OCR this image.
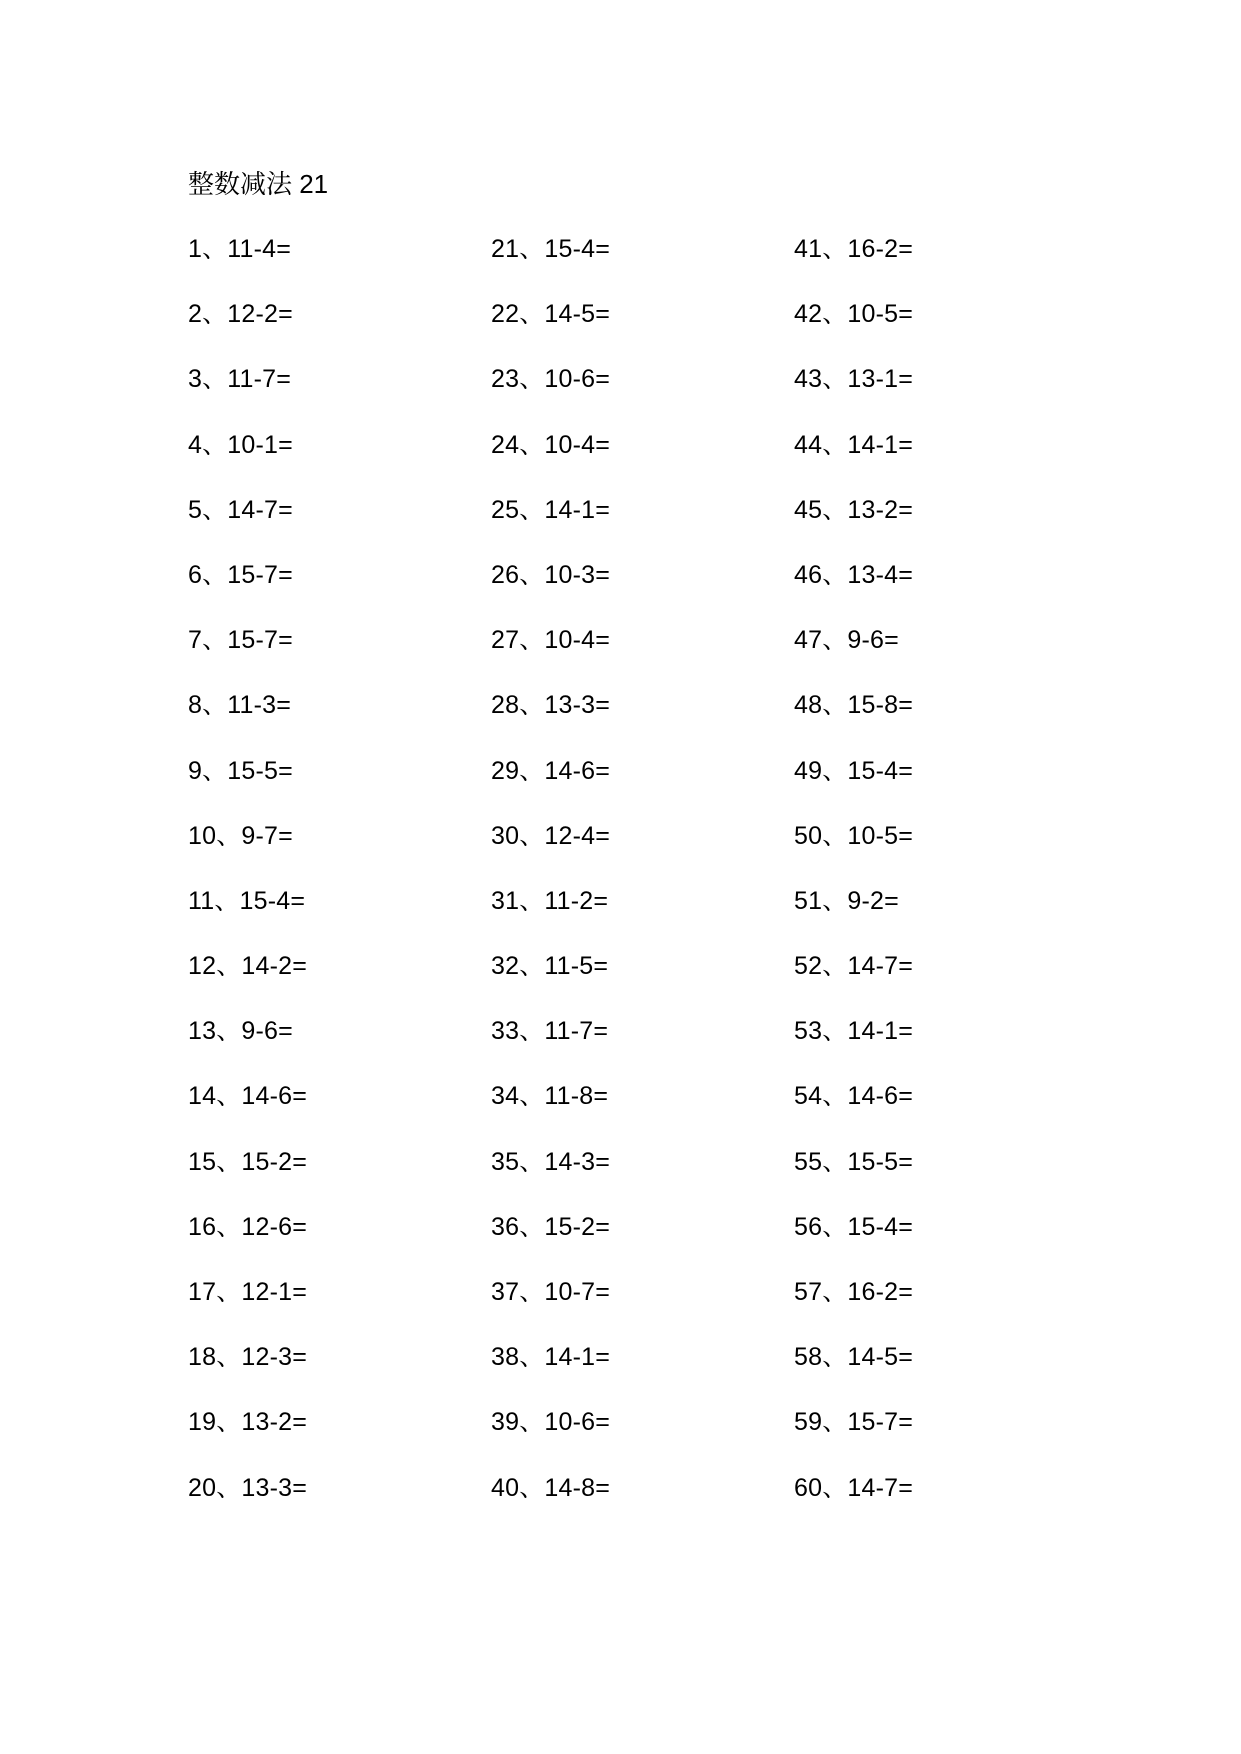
整数减法 21
1、11-4=	21、15-4=	41、16-2=
2、12-2=	22、14-5=	42、10-5=
3、11-7=	23、10-6=	43、13-1=
4、10-1=	24、10-4=	44、14-1=
5、14-7=	25、14-1=	45、13-2=
6、15-7=	26、10-3=	46、13-4=
7、15-7=	27、10-4=	47、9-6=
8、11-3=	28、13-3=	48、15-8=
9、15-5=	29、14-6=	49、15-4=
10、9-7=	30、12-4=	50、10-5=
11、15-4=	31、11-2=	51、9-2=
12、14-2=	32、11-5=	52、14-7=
13、9-6=	33、11-7=	53、14-1=
14、14-6=	34、11-8=	54、14-6=
15、15-2=	35、14-3=	55、15-5=
16、12-6=	36、15-2=	56、15-4=
17、12-1=	37、10-7=	57、16-2=
18、12-3=	38、14-1=	58、14-5=
19、13-2=	39、10-6=	59、15-7=
20、13-3=	40、14-8=	60、14-7=
